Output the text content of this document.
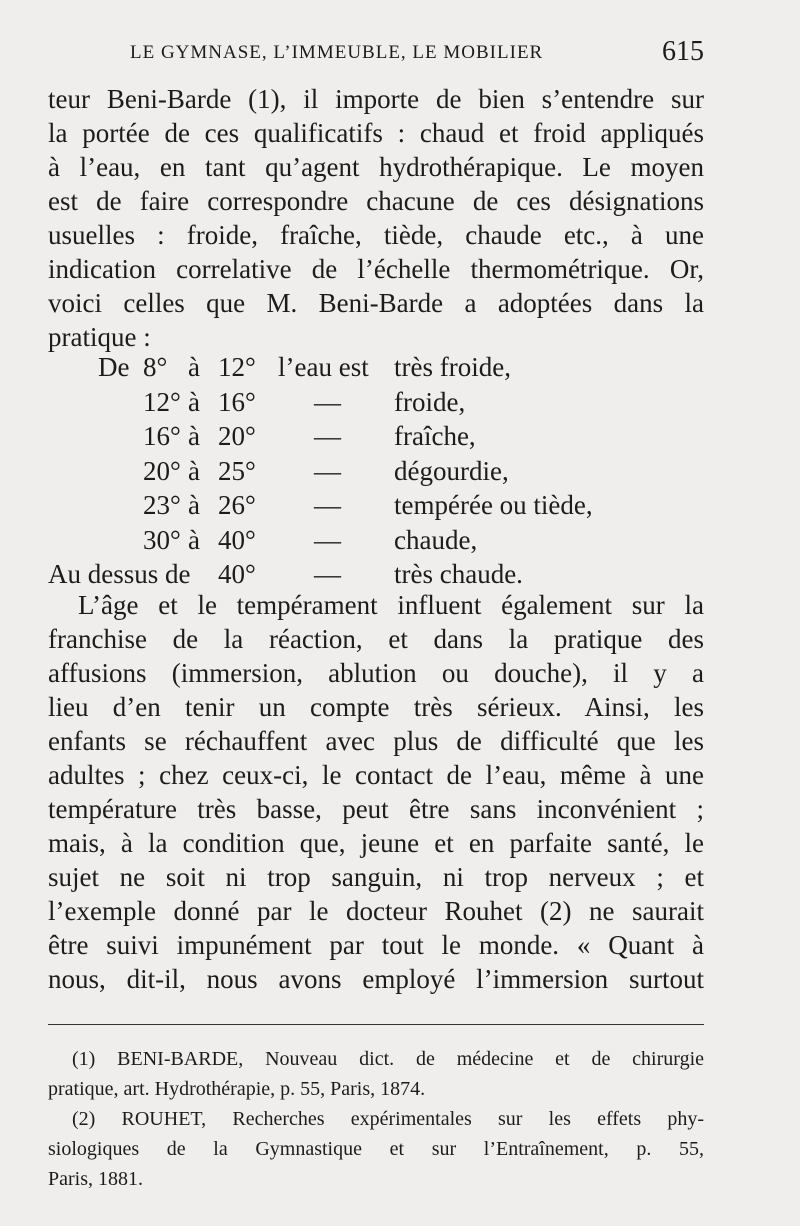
LE GYMNASE, L’IMMEUBLE, LE MOBILIER	615
teur Beni-Barde (1), il importe de bien s’entendre sur
la portée de ces qualificatifs : chaud et froid appliqués
à l’eau, en tant qu’agent hydrothérapique. Le moyen
est de faire correspondre chacune de ces désignations
usuelles : froide, fraîche, tiède, chaude etc., à une
indication correlative de l’échelle thermométrique. Or,
voici celles que M. Beni-Barde a adoptées dans la
pratique :
De 8° à 12° l’eau est très froide,
12° à 16° — froide,
16° à 20° — fraîche,
20° à 25° — dégourdie,
23° à 26° — tempérée ou tiède,
30° à 40° — chaude,
Au dessus de 40° — très chaude.
L’âge et le tempérament influent également sur la
franchise de la réaction, et dans la pratique des
affusions (immersion, ablution ou douche), il y a
lieu d’en tenir un compte très sérieux. Ainsi, les
enfants se réchauffent avec plus de difficulté que les
adultes ; chez ceux-ci, le contact de l’eau, même à une
température très basse, peut être sans inconvénient ;
mais, à la condition que, jeune et en parfaite santé, le
sujet ne soit ni trop sanguin, ni trop nerveux ; et
l’exemple donné par le docteur Rouhet (2) ne saurait
être suivi impunément par tout le monde. « Quant à
nous, dit-il, nous avons employé l’immersion surtout
(1) BENI-BARDE, Nouveau dict. de médecine et de chirurgie
pratique, art. Hydrothérapie, p. 55, Paris, 1874.
(2) ROUHET, Recherches expérimentales sur les effets phy-
siologiques de la Gymnastique et sur l’Entraînement, p. 55,
Paris, 1881.
